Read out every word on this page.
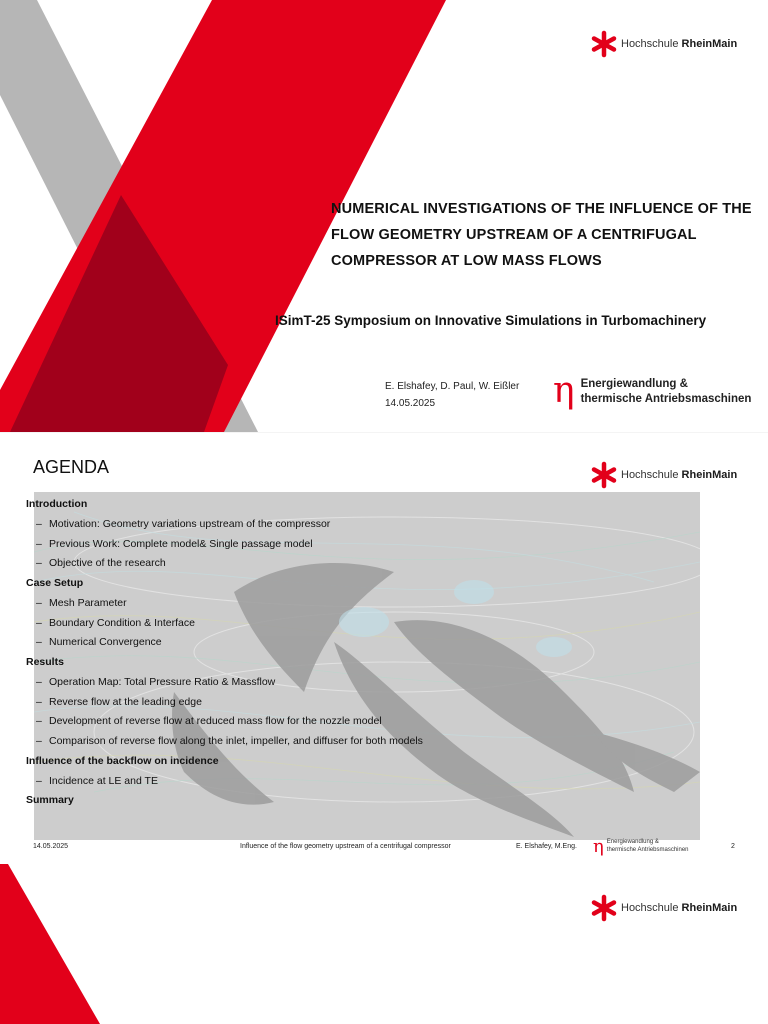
Hochschule RheinMain
NUMERICAL INVESTIGATIONS OF THE INFLUENCE OF THE
FLOW GEOMETRY UPSTREAM OF A CENTRIFUGAL
COMPRESSOR AT LOW MASS FLOWS
ISimT-25 Symposium on Innovative Simulations in Turbomachinery
E. Elshafey, D. Paul, W. Eißler
14.05.2025	η Energiewandlung &
thermische Antriebsmaschinen
AGENDA	Hochschule RheinMain
Introduction
– Motivation: Geometry variations upstream of the compressor
– Previous Work: Complete model& Single passage model
– Objective of the research
Case Setup
– Mesh Parameter
– Boundary Condition & Interface
– Numerical Convergence
Results
– Operation Map: Total Pressure Ratio & Massflow
– Reverse flow at the leading edge
– Development of reverse flow at reduced mass flow for the nozzle model
– Comparison of reverse flow along the inlet, impeller, and diffuser for both models
Influence of the backflow on incidence
– Incidence at LE and TE
Summary
14.05.2025	Influence of the flow geometry upstream of a centrifugal compressor	E. Elshafey, M.Eng. η Energiewandlung &
thermische Antriebsmaschinen	2
Hochschule RheinMain
